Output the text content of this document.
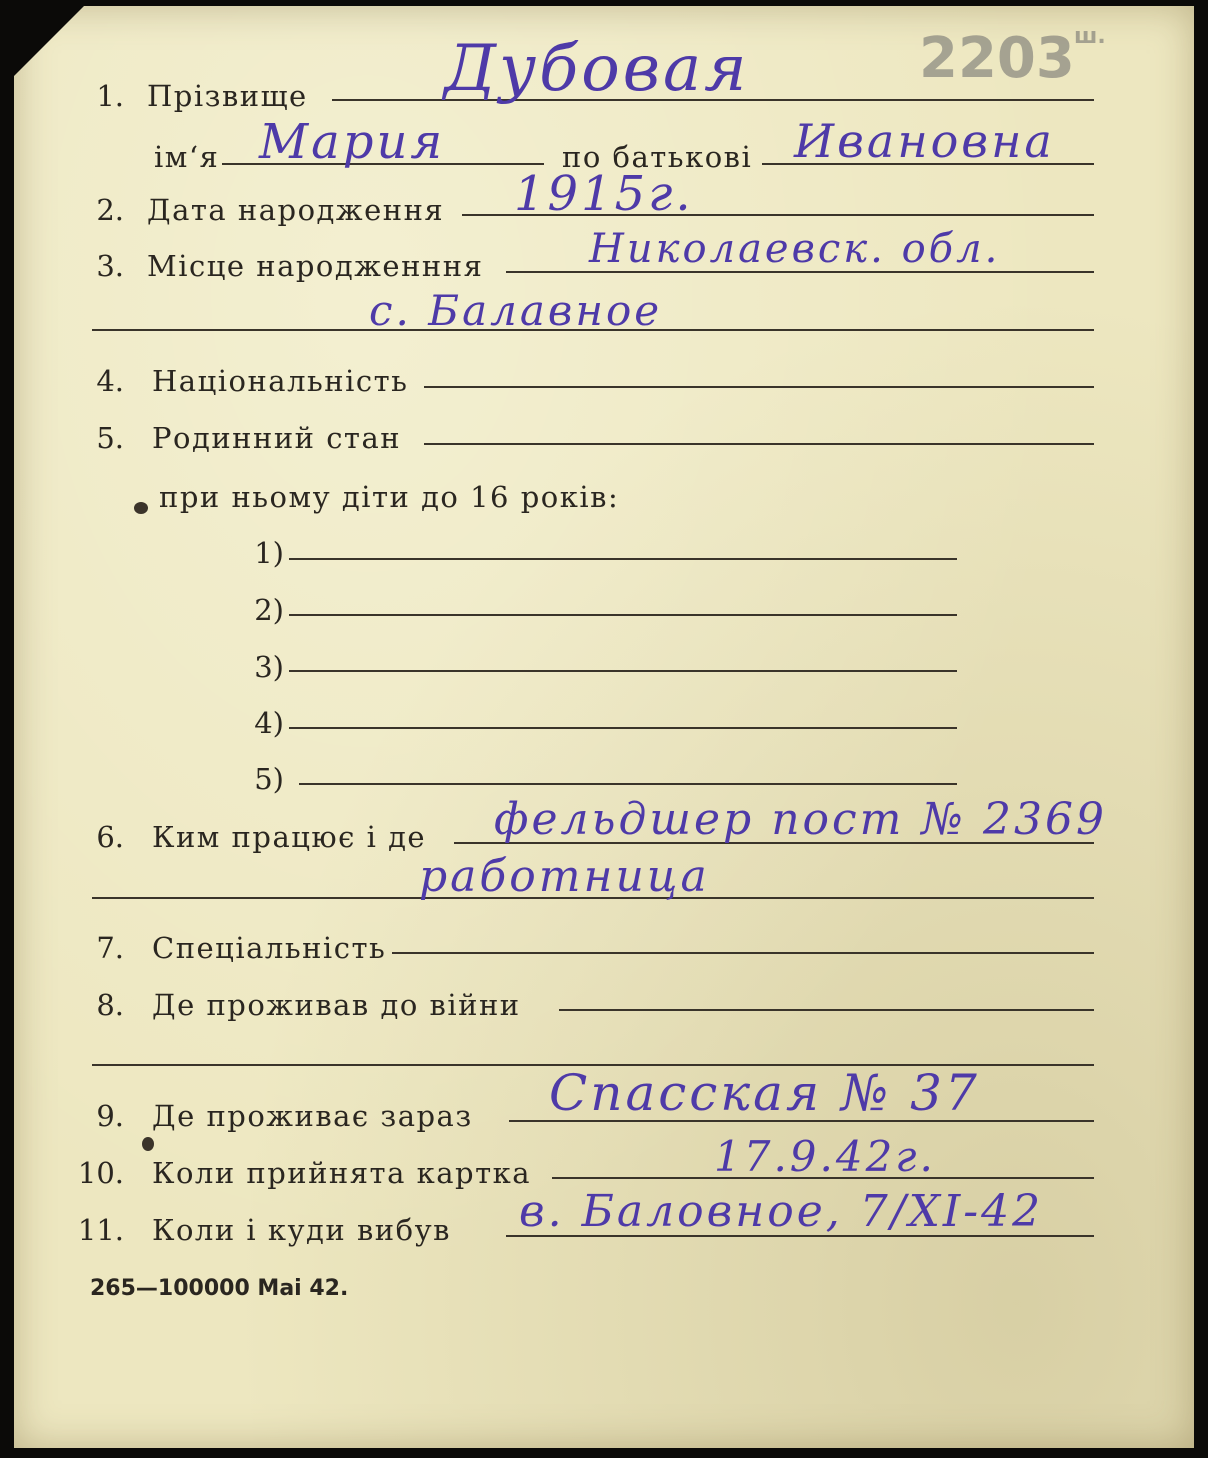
2203 ш.
1. Прізвище Дубовая
ім‘я Мария	по батькові Ивановна
2. Дата народження 1915г.
3. Місце народженння	Николаевск. обл.
с. Балавное
4. Національність
5. Родинний стан
при ньому діти до 16 років:
1)
2)
3)
4)
5)
6. Ким працює і де фельдшер пост № 2369
работница
7. Спеціальність
8. Де проживав до війни
9. Де проживає зараз Спасская № 37
10. Коли прийнята картка	17.9.42г.
11. Коли і куди вибув в. Баловное, 7/XI-42
265—100000 Mai 42.
